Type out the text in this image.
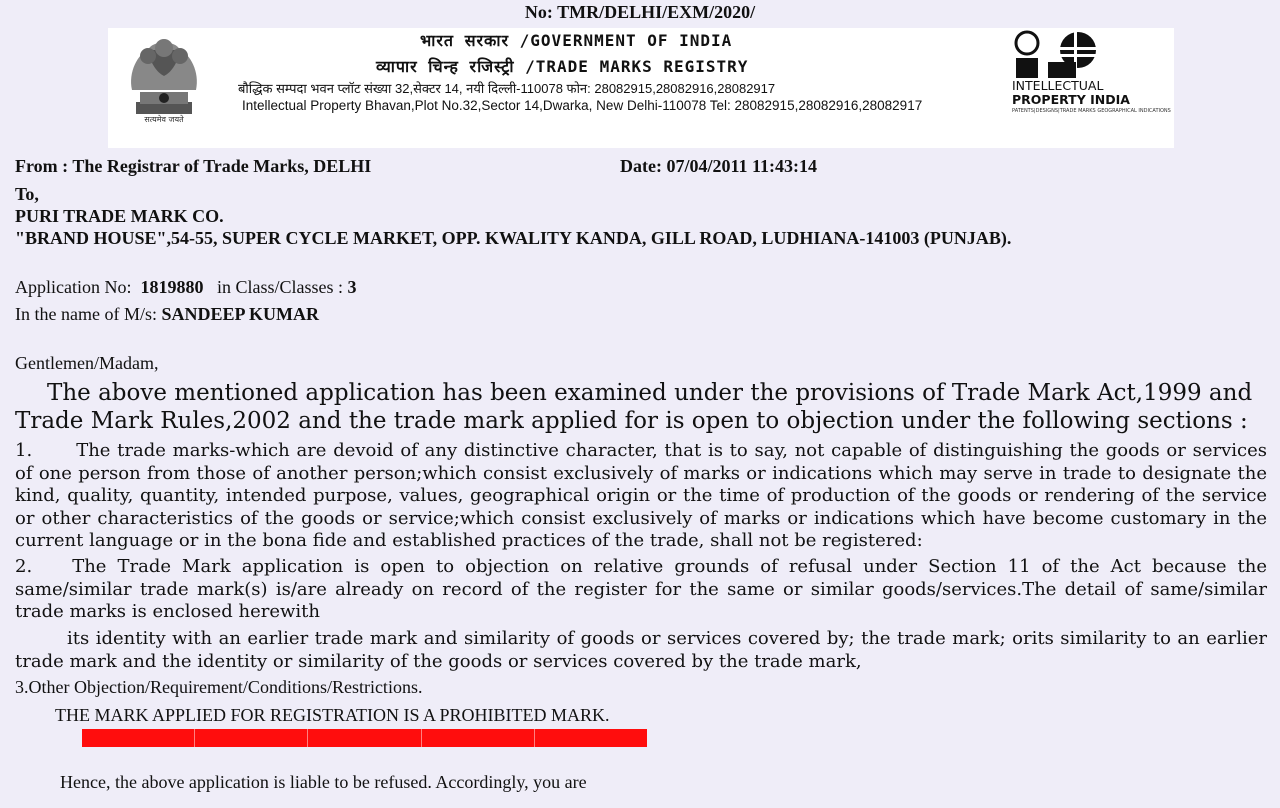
No: TMR/DELHI/EXM/2020/
सत्यमेव जयते
भारत सरकार /GOVERNMENT OF INDIA
व्यापार चिन्ह रजिस्ट्री /TRADE MARKS REGISTRY
बौद्धिक सम्पदा भवन प्लॉट संख्या 32,सेक्टर 14, नयी दिल्ली-110078 फोन: 28082915,28082916,28082917
Intellectual Property Bhavan,Plot No.32,Sector 14,Dwarka, New Delhi-110078 Tel: 28082915,28082916,28082917
INTELLECTUAL
PROPERTY INDIA
PATENTS|DESIGNS|TRADE MARKS GEOGRAPHICAL INDICATIONS
From : The Registrar of Trade Marks, DELHI	Date: 07/04/2011 11:43:14
To,
PURI TRADE MARK CO.
"BRAND HOUSE",54-55, SUPER CYCLE MARKET, OPP. KWALITY KANDA, GILL ROAD, LUDHIANA-141003 (PUNJAB).
Application No: 1819880 in Class/Classes : 3
In the name of M/s: SANDEEP KUMAR
Gentlemen/Madam,
The above mentioned application has been examined under the provisions of Trade Mark Act,1999 and Trade Mark Rules,2002 and the trade mark applied for is open to objection under the following sections :
1. The trade marks-which are devoid of any distinctive character, that is to say, not capable of distinguishing the goods or services of one person from those of another person;which consist exclusively of marks or indications which may serve in trade to designate the kind, quality, quantity, intended purpose, values, geographical origin or the time of production of the goods or rendering of the service or other characteristics of the goods or service;which consist exclusively of marks or indications which have become customary in the current language or in the bona fide and established practices of the trade, shall not be registered:
2. The Trade Mark application is open to objection on relative grounds of refusal under Section 11 of the Act because the same/similar trade mark(s) is/are already on record of the register for the same or similar goods/services.The detail of same/similar trade marks is enclosed herewith
its identity with an earlier trade mark and similarity of goods or services covered by; the trade mark; orits similarity to an earlier trade mark and the identity or similarity of the goods or services covered by the trade mark,
3.Other Objection/Requirement/Conditions/Restrictions.
THE MARK APPLIED FOR REGISTRATION IS A PROHIBITED MARK.
Hence, the above application is liable to be refused. Accordingly, you are
